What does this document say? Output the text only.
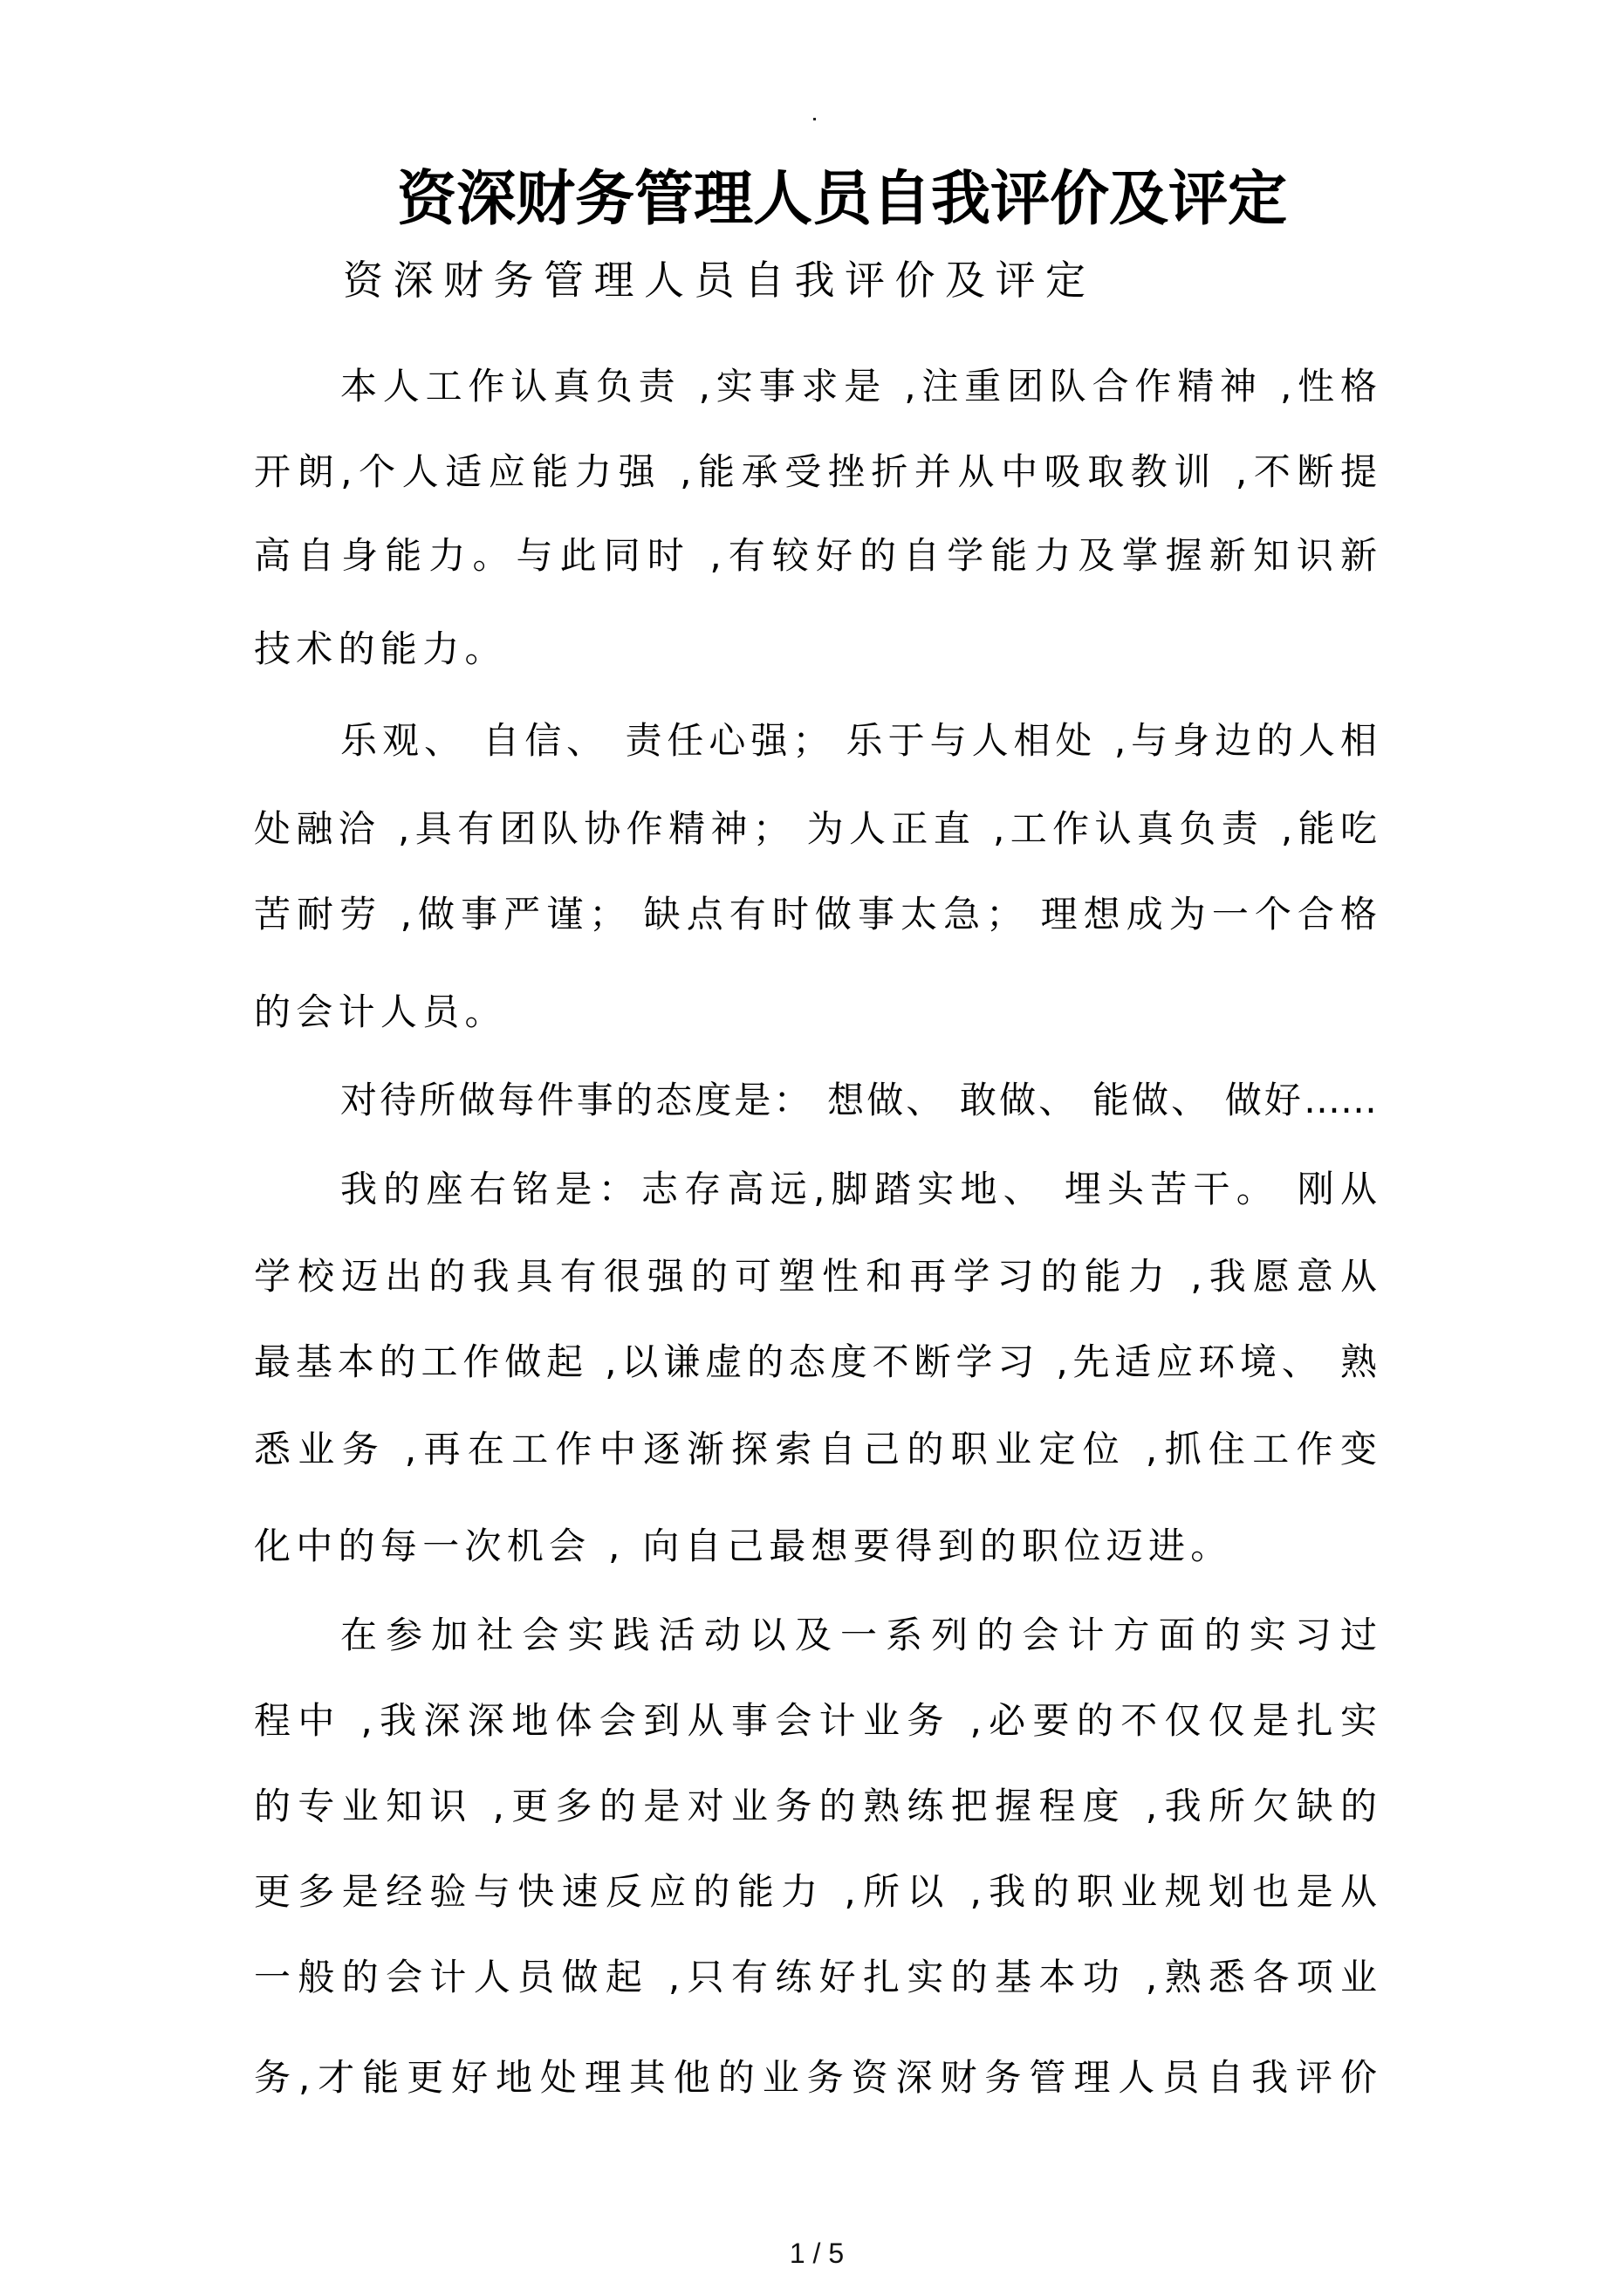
资深财务管理人员自我评价及评定
资深财务管理人员自我评价及评定
本人工作认真负责 ,实事求是 ,注重团队合作精神 ,性格
开朗,个人适应能力强 ,能承受挫折并从中吸取教训 ,不断提
高自身能力。与此同时 ,有较好的自学能力及掌握新知识新
技术的能力。
乐观、 自信、 责任心强； 乐于与人相处 ,与身边的人相
处融洽 ,具有团队协作精神； 为人正直 ,工作认真负责 ,能吃
苦耐劳 ,做事严谨； 缺点有时做事太急； 理想成为一个合格
的会计人员。
对待所做每件事的态度是： 想做、 敢做、 能做、 做好……
我的座右铭是：志存高远,脚踏实地、 埋头苦干。 刚从
学校迈出的我具有很强的可塑性和再学习的能力 ,我愿意从
最基本的工作做起 ,以谦虚的态度不断学习 ,先适应环境、 熟
悉业务 ,再在工作中逐渐探索自己的职业定位 ,抓住工作变
化中的每一次机会 , 向自己最想要得到的职位迈进。
在参加社会实践活动以及一系列的会计方面的实习过
程中 ,我深深地体会到从事会计业务 ,必要的不仅仅是扎实
的专业知识 ,更多的是对业务的熟练把握程度 ,我所欠缺的
更多是经验与快速反应的能力 ,所以 ,我的职业规划也是从
一般的会计人员做起 ,只有练好扎实的基本功 ,熟悉各项业
务,才能更好地处理其他的业务资深财务管理人员自我评价
1 / 5
